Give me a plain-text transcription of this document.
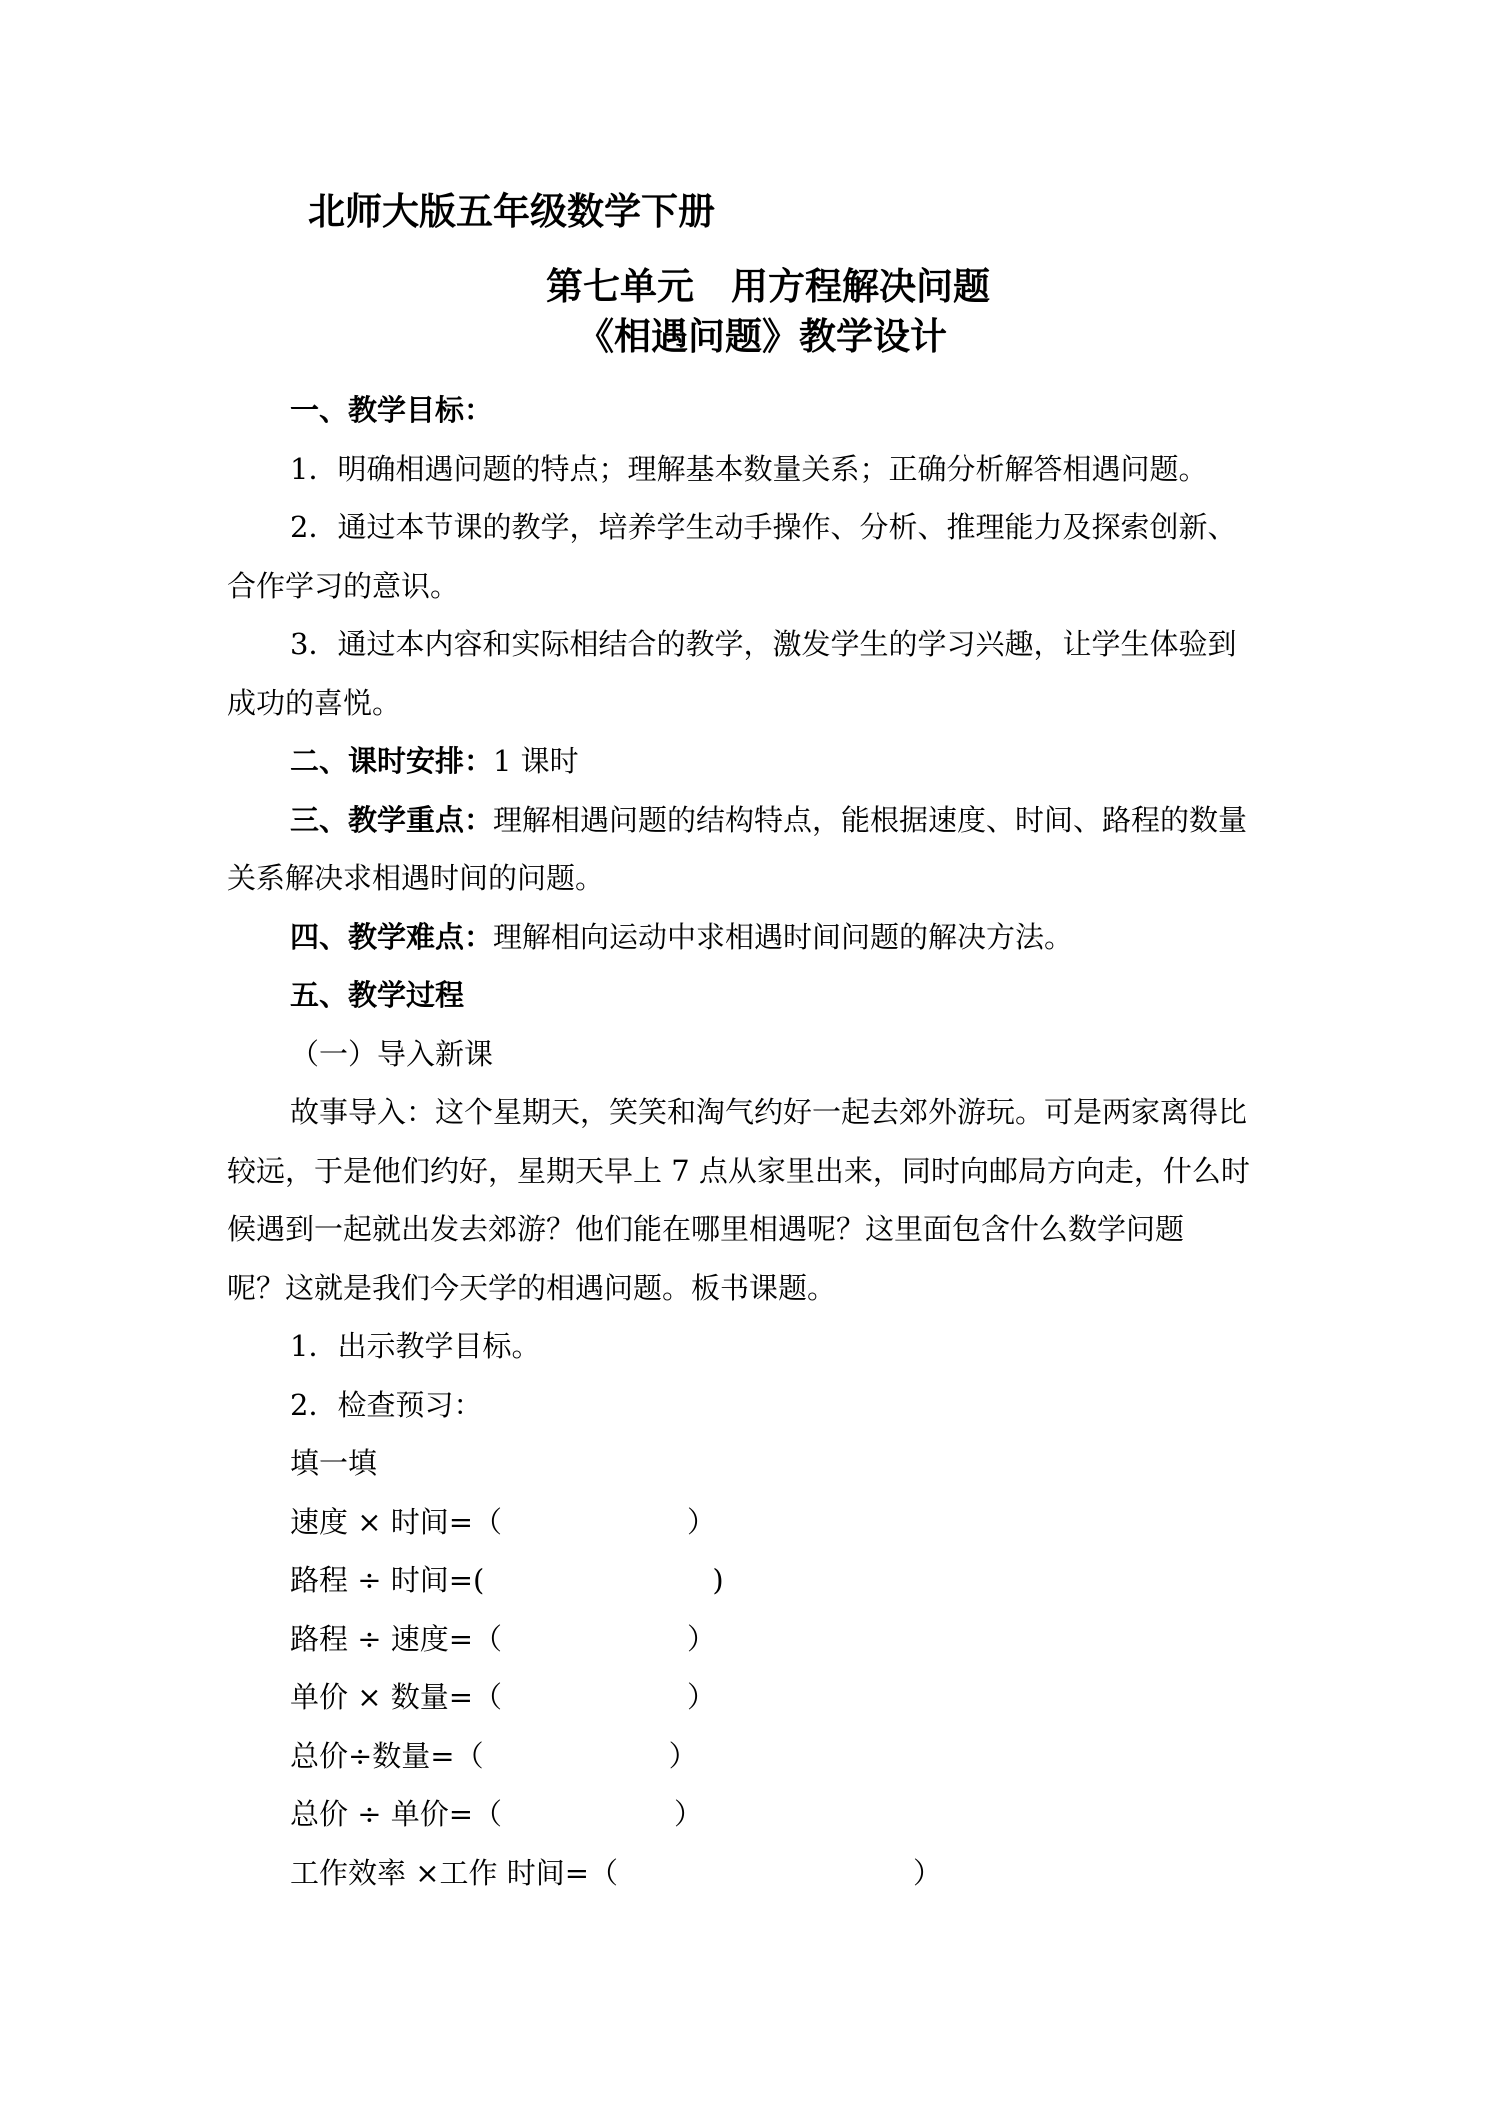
北师大版五年级数学下册
第七单元　用方程解决问题
《相遇问题》教学设计
一、教学目标：
1．明确相遇问题的特点；理解基本数量关系；正确分析解答相遇问题。
2．通过本节课的教学，培养学生动手操作、分析、推理能力及探索创新、
合作学习的意识。
3．通过本内容和实际相结合的教学，激发学生的学习兴趣，让学生体验到
成功的喜悦。
二、课时安排：1 课时
三、教学重点：理解相遇问题的结构特点，能根据速度、时间、路程的数量
关系解决求相遇时间的问题。
四、教学难点：理解相向运动中求相遇时间问题的解决方法。
五、教学过程
（一）导入新课
故事导入：这个星期天，笑笑和淘气约好一起去郊外游玩。可是两家离得比
较远，于是他们约好，星期天早上 7 点从家里出来，同时向邮局方向走，什么时
候遇到一起就出发去郊游？他们能在哪里相遇呢？这里面包含什么数学问题
呢？这就是我们今天学的相遇问题。板书课题。
1．出示教学目标。
2．检查预习：
填一填
速度 × 时间=（	）
路程 ÷ 时间=(	)
路程 ÷ 速度=（	）
单价 × 数量=（	）
总价÷数量=（	）
总价 ÷ 单价=（	）
工作效率 ×工作 时间=（	）
